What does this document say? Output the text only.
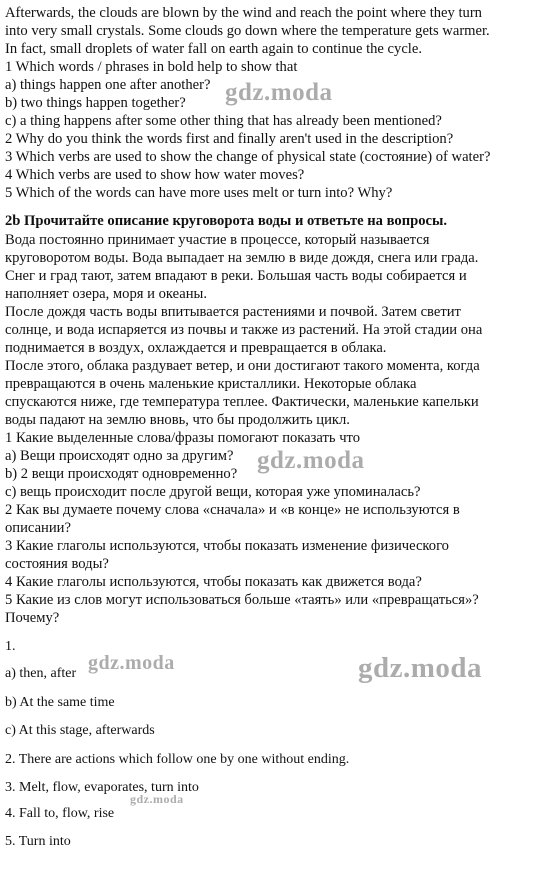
Afterwards, the clouds are blown by the wind and reach the point where they turn
into very small crystals. Some clouds go down where the temperature gets warmer.
In fact, small droplets of water fall on earth again to continue the cycle.
1 Which words / phrases in bold help to show that
a) things happen one after another?
b) two things happen together?
c) a thing happens after some other thing that has already been mentioned?
2 Why do you think the words first and finally aren't used in the description?
3 Which verbs are used to show the change of physical state (состояние) of water?
4 Which verbs are used to show how water moves?
5 Which of the words can have more uses melt or turn into? Why?
2b Прочитайте описание круговорота воды и ответьте на вопросы.
Вода постоянно принимает участие в процессе, который называется
круговоротом воды. Вода выпадает на землю в виде дождя, снега или града.
Снег и град тают, затем впадают в реки. Большая часть воды собирается и
наполняет озера, моря и океаны.
После дождя часть воды впитывается растениями и почвой. Затем светит
солнце, и вода испаряется из почвы и также из растений. На этой стадии она
поднимается в воздух, охлаждается и превращается в облака.
После этого, облака раздувает ветер, и они достигают такого момента, когда
превращаются в очень маленькие кристаллики. Некоторые облака
спускаются ниже, где температура теплее. Фактически, маленькие капельки
воды падают на землю вновь, что бы продолжить цикл.
1 Какие выделенные слова/фразы помогают показать что
а) Вещи происходят одно за другим?
b) 2 вещи происходят одновременно?
c) вещь происходит после другой вещи, которая уже упоминалась?
2 Как вы думаете почему слова «сначала» и «в конце» не используются в
описании?
3 Какие глаголы используются, чтобы показать изменение физического
состояния воды?
4 Какие глаголы используются, чтобы показать как движется вода?
5 Какие из слов могут использоваться больше «таять» или «превращаться»?
Почему?
1.
a) then, after
b) At the same time
c) At this stage, afterwards
2. There are actions which follow one by one without ending.
3. Melt, flow, evaporates, turn into
4. Fall to, flow, rise
5. Turn into
gdz.moda
gdz.moda
gdz.moda	gdz.moda
gdz.moda
